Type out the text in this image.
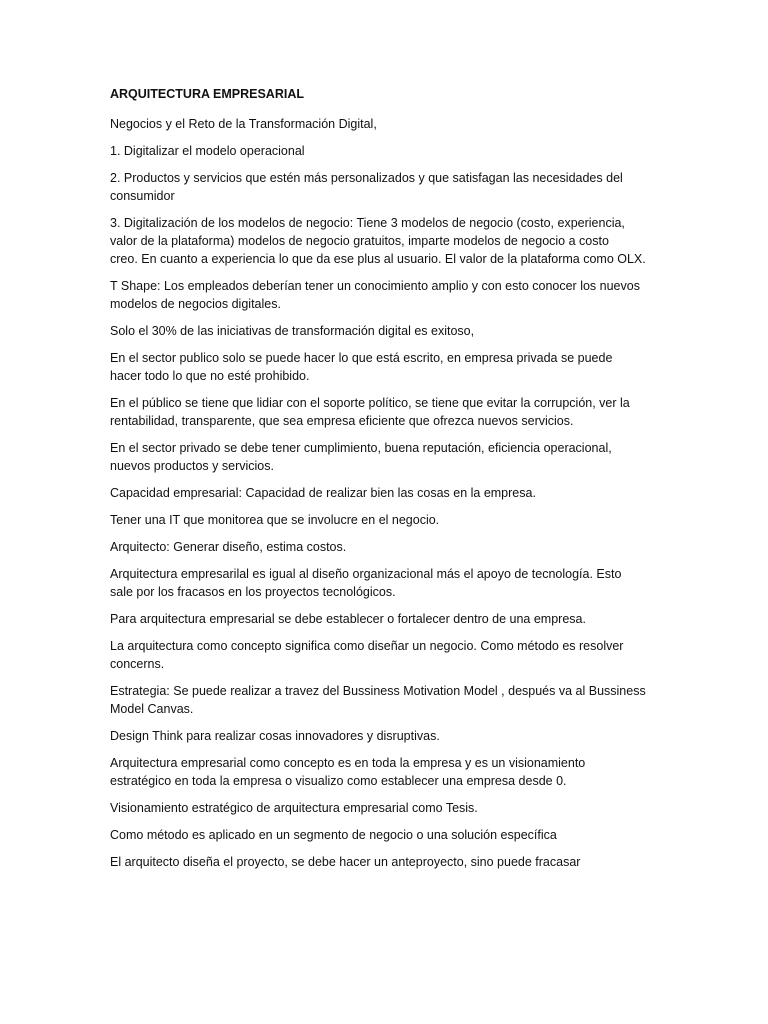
ARQUITECTURA EMPRESARIAL

Negocios y el Reto de la Transformación Digital,

1. Digitalizar el modelo operacional

2. Productos y servicios que estén más personalizados y que satisfagan las necesidades del
consumidor

3. Digitalización de los modelos de negocio: Tiene 3 modelos de negocio (costo, experiencia,
valor de la plataforma) modelos de negocio gratuitos, imparte modelos de negocio a costo
creo. En cuanto a experiencia lo que da ese plus al usuario. El valor de la plataforma como OLX.

T Shape: Los empleados deberían tener un conocimiento amplio y con esto conocer los nuevos
modelos de negocios digitales.

Solo el 30% de las iniciativas de transformación digital es exitoso,

En el sector publico solo se puede hacer lo que está escrito, en empresa privada se puede
hacer todo lo que no esté prohibido.

En el público se tiene que lidiar con el soporte político, se tiene que evitar la corrupción, ver la
rentabilidad, transparente, que sea empresa eficiente que ofrezca nuevos servicios.

En el sector privado se debe tener cumplimiento, buena reputación, eficiencia operacional,
nuevos productos y servicios.

Capacidad empresarial: Capacidad de realizar bien las cosas en la empresa.

Tener una IT que monitorea que se involucre en el negocio.

Arquitecto: Generar diseño, estima costos.

Arquitectura empresarilal es igual al diseño organizacional más el apoyo de tecnología. Esto
sale por los fracasos en los proyectos tecnológicos.

Para arquitectura empresarial se debe establecer o fortalecer dentro de una empresa.

La arquitectura como concepto significa como diseñar un negocio. Como método es resolver
concerns.

Estrategia: Se puede realizar a travez del Bussiness Motivation Model , después va al Bussiness
Model Canvas.

Design Think para realizar cosas innovadores y disruptivas.

Arquitectura empresarial como concepto es en toda la empresa y es un visionamiento
estratégico en toda la empresa o visualizo como establecer una empresa desde 0.

Visionamiento estratégico de arquitectura empresarial como Tesis.

Como método es aplicado en un segmento de negocio o una solución específica

El arquitecto diseña el proyecto, se debe hacer un anteproyecto, sino puede fracasar
